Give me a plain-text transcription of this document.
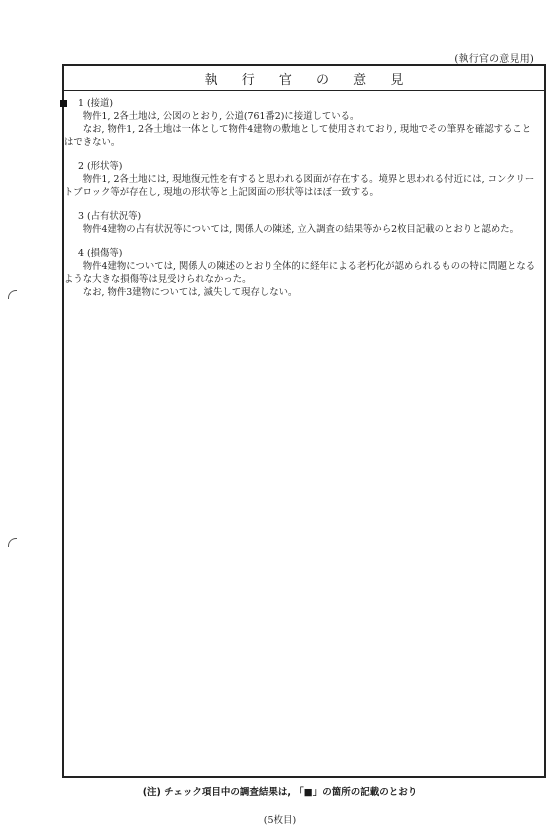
(執行官の意見用)
執 行 官 の 意 見
1 (接道)

物件1, 2各土地は, 公図のとおり, 公道(761番2)に接道している。

なお, 物件1, 2各土地は一体として物件4建物の敷地として使用されており, 現地でその筆界を確認することはできない。

2 (形状等)

物件1, 2各土地には, 現地復元性を有すると思われる図面が存在する。境界と思われる付近には, コンクリートブロック等が存在し, 現地の形状等と上記図面の形状等はほぼ一致する。

3 (占有状況等)

物件4建物の占有状況等については, 関係人の陳述, 立入調査の結果等から2枚目記載のとおりと認めた。

4 (損傷等)

物件4建物については, 関係人の陳述のとおり全体的に経年による老朽化が認められるものの特に問題となるような大きな損傷等は見受けられなかった。

なお, 物件3建物については, 滅失して現存しない。

(注) チェック項目中の調査結果は, 「■」の箇所の記載のとおり
(5枚目)
